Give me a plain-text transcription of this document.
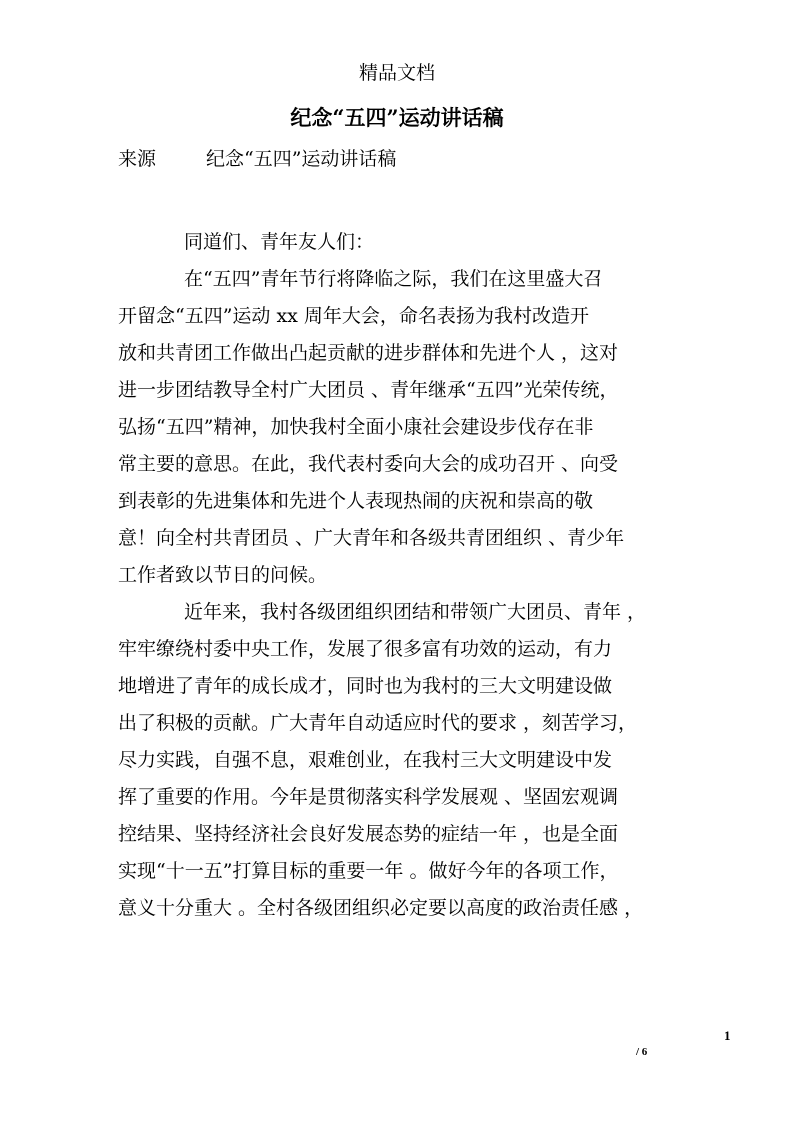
精品文档
纪念“五四”运动讲话稿
来源	纪念“五四”运动讲话稿
同道们、青年友人们：
在“五四”青年节行将降临之际，我们在这里盛大召
开留念“五四”运动 xx 周年大会，命名表扬为我村改造开
放和共青团工作做出凸起贡献的进步群体和先进个人 ，这对
进一步团结教导全村广大团员 、青年继承“五四”光荣传统，
弘扬“五四”精神，加快我村全面小康社会建设步伐存在非
常主要的意思。在此，我代表村委向大会的成功召开 、向受
到表彰的先进集体和先进个人表现热闹的庆祝和崇高的敬
意！向全村共青团员 、广大青年和各级共青团组织 、青少年
工作者致以节日的问候。
近年来，我村各级团组织团结和带领广大团员、青年 ，
牢牢缭绕村委中央工作，发展了很多富有功效的运动，有力
地增进了青年的成长成才，同时也为我村的三大文明建设做
出了积极的贡献。广大青年自动适应时代的要求 ，刻苦学习，
尽力实践，自强不息，艰难创业，在我村三大文明建设中发
挥了重要的作用。今年是贯彻落实科学发展观 、坚固宏观调
控结果、坚持经济社会良好发展态势的症结一年 ，也是全面
实现“十一五”打算目标的重要一年 。做好今年的各项工作，
意义十分重大 。全村各级团组织必定要以高度的政治责任感 ，
1
/ 6
